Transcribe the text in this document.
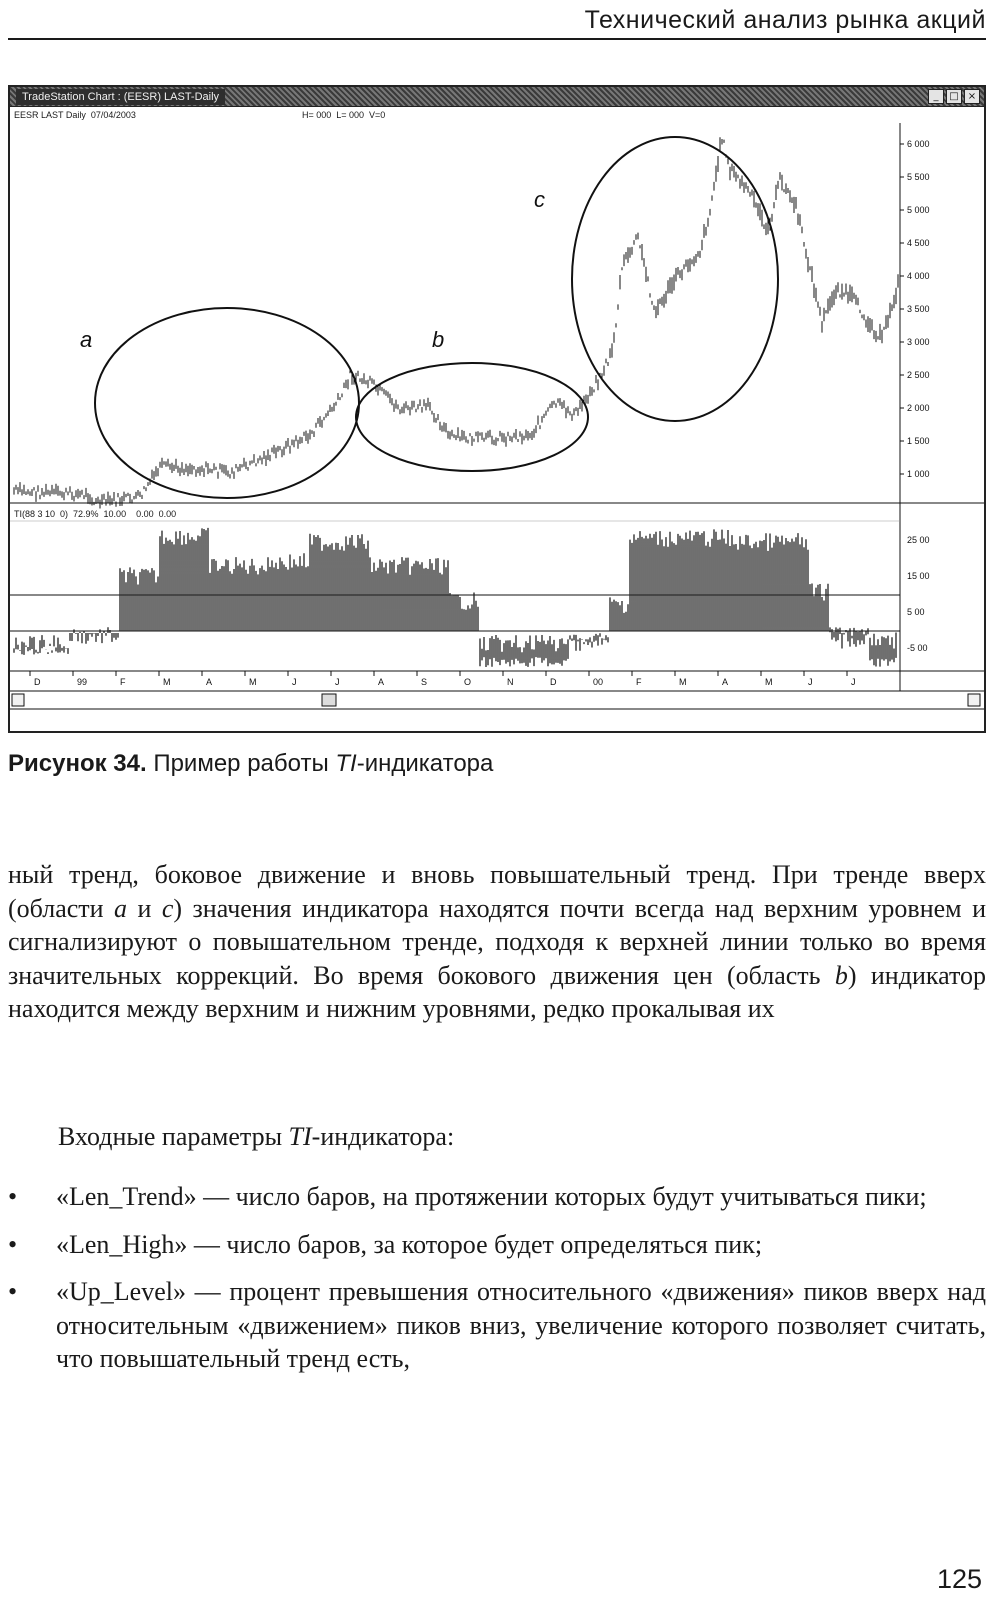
Технический анализ рынка акций
a	b
c
6 000
5 500
5 000
4 500
4 000
3 500
3 000
2 500
2 000
1 500
1 000
25 00
15 00
5 00
-5 00
D	99	F	M	A	M	J	J	A	S	O	N	D	00	F	M	A	M	J	J
TradeStation Chart : (EESR) LAST-Daily	_	□ ×
EESR LAST Daily  07/04/2003	H= 000  L= 000  V=0
TI(88 3 10  0)  72.9%  10.00    0.00  0.00
Рисунок 34. Пример работы TI-индикатора

ный тренд, боковое движение и вновь повышательный тренд. При тренде вверх (области a и c) значения индикатора находятся почти всегда над верхним уровнем и сигнализируют о повышательном тренде, подходя к верхней линии только во время значительных коррекций. Во время бокового движения цен (область b) индикатор находится между верхним и нижним уровнями, редко прокалывая их

Входные параметры TI-индикатора:

• «Len_Trend» — число баров, на протяжении которых будут учитываться пики;
• «Len_High» — число баров, за которое будет определяться пик;
• «Up_Level» — процент превышения относительного «движения» пиков вверх над относительным «движением» пиков вниз, увеличение которого позволяет считать, что повышательный тренд есть,
125
